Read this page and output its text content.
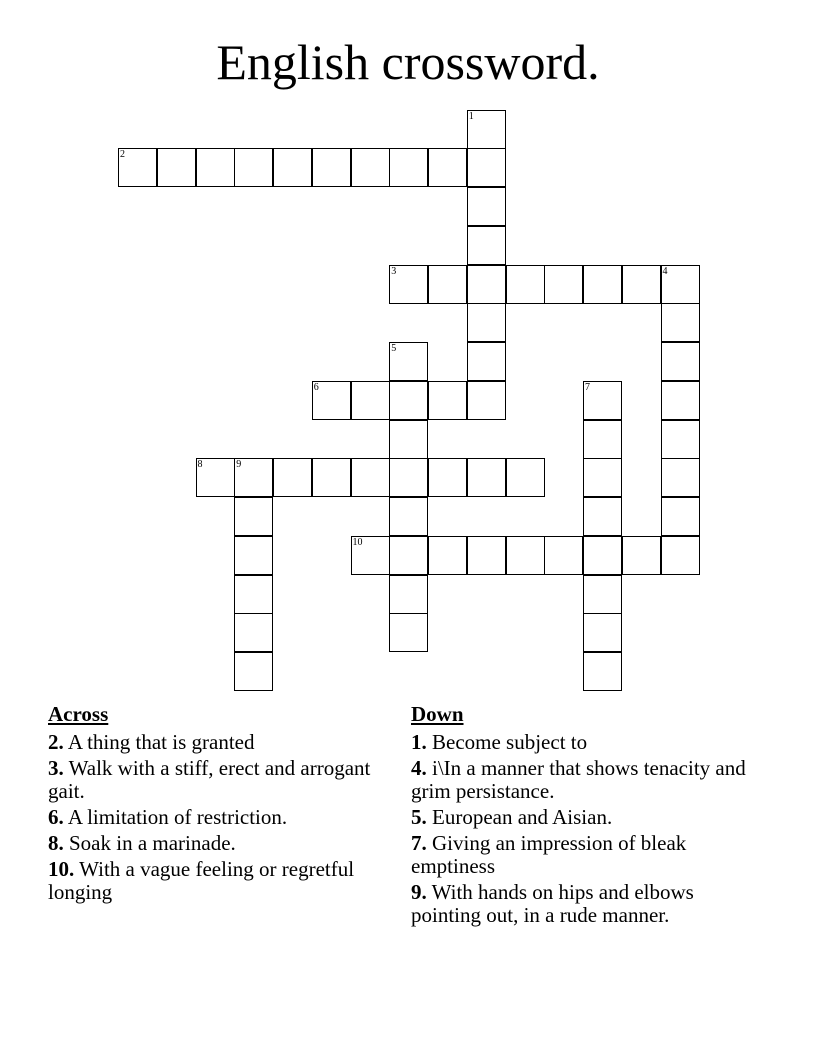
English crossword.
1
2
3	4
5
6	7
8	9
10
Across
2. A thing that is granted
3. Walk with a stiff, erect and arrogant gait.
6. A limitation of restriction.
8. Soak in a marinade.
10. With a vague feeling or regretful longing
Down
1. Become subject to
4. i\In a manner that shows tenacity and grim persistance.
5. European and Aisian.
7. Giving an impression of bleak emptiness
9. With hands on hips and elbows pointing out, in a rude manner.
